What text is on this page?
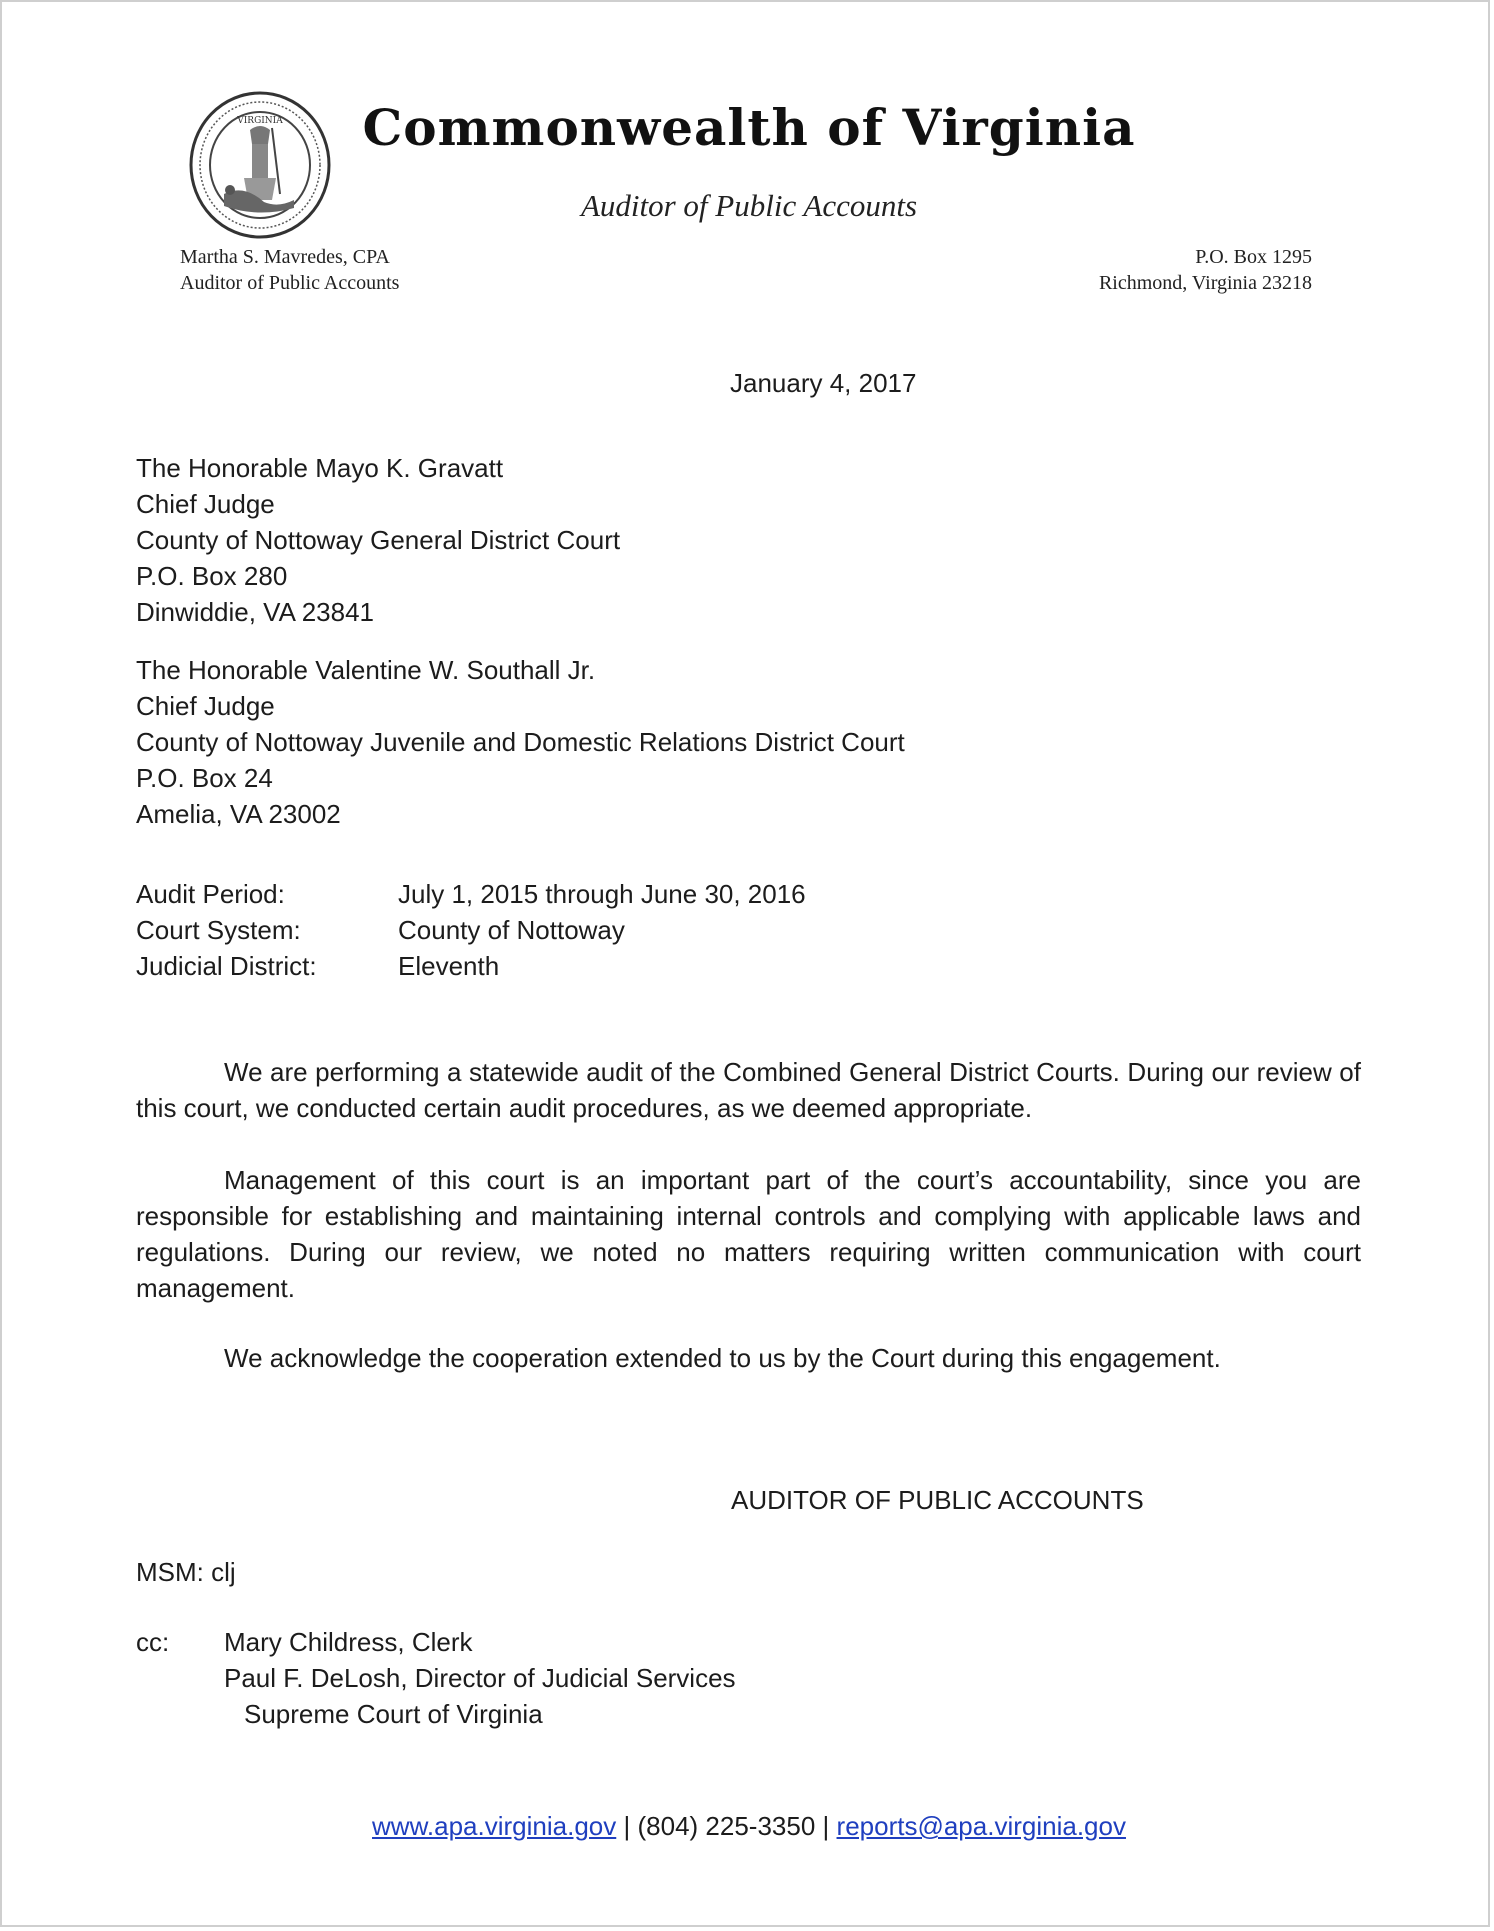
VIRGINIA	Commonwealth of Virginia
Auditor of Public Accounts
Martha S. Mavredes, CPA
Auditor of Public Accounts
P.O. Box 1295
Richmond, Virginia 23218
January 4, 2017
The Honorable Mayo K. Gravatt
Chief Judge
County of Nottoway General District Court
P.O. Box 280
Dinwiddie, VA 23841
The Honorable Valentine W. Southall Jr.
Chief Judge
County of Nottoway Juvenile and Domestic Relations District Court
P.O. Box 24
Amelia, VA 23002
Audit Period:	July 1, 2015 through June 30, 2016
Court System:	County of Nottoway
Judicial District:	Eleventh

We are performing a statewide audit of the Combined General District Courts. During our review of this court, we conducted certain audit procedures, as we deemed appropriate.

Management of this court is an important part of the court’s accountability, since you are responsible for establishing and maintaining internal controls and complying with applicable laws and regulations. During our review, we noted no matters requiring written communication with court management.

We acknowledge the cooperation extended to us by the Court during this engagement.

AUDITOR OF PUBLIC ACCOUNTS
MSM: clj
cc:	Mary Childress, Clerk
Paul F. DeLosh, Director of Judicial Services
Supreme Court of Virginia
www.apa.virginia.gov | (804) 225-3350 | reports@apa.virginia.gov
